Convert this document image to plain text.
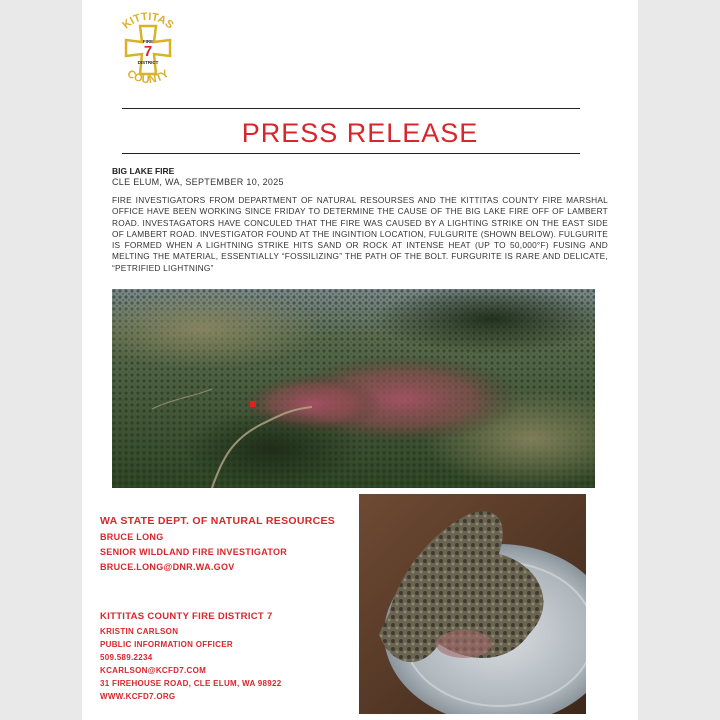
KITTITAS
COUNTY
FIRE
7
DISTRICT
PRESS RELEASE
BIG LAKE FIRE
CLE ELUM, WA, SEPTEMBER 10, 2025
FIRE INVESTIGATORS FROM DEPARTMENT OF NATURAL RESOURSES AND THE KITTITAS COUNTY FIRE MARSHAL OFFICE HAVE BEEN WORKING SINCE FRIDAY TO DETERMINE THE CAUSE OF THE BIG LAKE FIRE OFF OF LAMBERT ROAD. INVESTAGATORS HAVE CONCULED THAT THE FIRE WAS CAUSED BY A LIGHTING STRIKE ON THE EAST SIDE OF LAMBERT ROAD. INVESTIGATOR FOUND AT THE INGINTION LOCATION, FULGURITE (SHOWN BELOW). FULGURITE IS FORMED WHEN A LIGHTNING STRIKE HITS SAND OR ROCK AT INTENSE HEAT (UP TO 50,000°F) FUSING AND MELTING THE MATERIAL, ESSENTIALLY “FOSSILIZING” THE PATH OF THE BOLT. FURGURITE IS RARE AND DELICATE, “PETRIFIED LIGHTNING”
WA STATE DEPT. OF NATURAL RESOURCES
BRUCE LONG
SENIOR WILDLAND FIRE INVESTIGATOR
BRUCE.LONG@DNR.WA.GOV
KITTITAS COUNTY FIRE DISTRICT 7
KRISTIN CARLSON
PUBLIC INFORMATION OFFICER
509.589.2234
KCARLSON@KCFD7.COM
31 FIREHOUSE ROAD, CLE ELUM, WA 98922
WWW.KCFD7.ORG
